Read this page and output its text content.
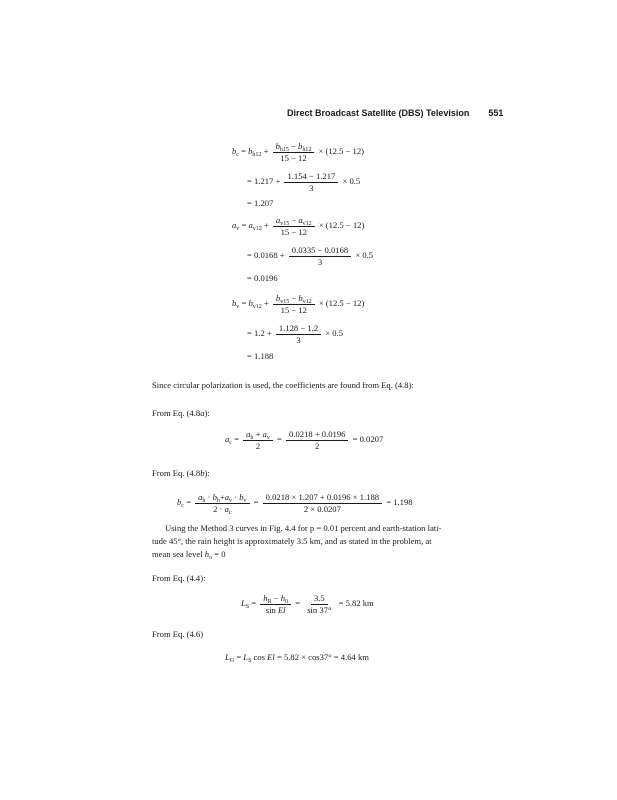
Direct Broadcast Satellite (DBS) Television 551
$b_c = b_{h12} + \frac{b_{h15} - b_{h12}}{15 - 12} \times (12.5 - 12)$
= $1.217 + \frac{1.154 - 1.217}{3} \times 0.5$
= 1.207
$a_v = a_{v12} + \frac{a_{v15} - a_{v12}}{15 - 12} \times (12.5 - 12)$
= $0.0168 + \frac{0.0335 - 0.0168}{3} \times 0.5$
= 0.0196
$b_v = b_{v12} + \frac{b_{v15} - b_{v12}}{15 - 12} \times (12.5 - 12)$
= $1.2 + \frac{1.128 - 1.2}{3} \times 0.5$
= 1.188
Since circular polarization is used, the coefficients are found from Eq. (4.8):
From Eq. (4.8a):
$a_c = \frac{a_h + a_v}{2} = \frac{0.0218 + 0.0196}{2} = 0.0207$
From Eq. (4.8b):
$b_c = \frac{a_h \cdot b_h+a_v \cdot b_v}{2 \cdot a_c} = \frac{0.0218 \times 1.207 + 0.0196 \times 1.188}{2 \times 0.0207} = 1.198$
Using the Method 3 curves in Fig. 4.4 for p = 0.01 percent and earth-station lati-
tude 45°, the rain height is approximately 3.5 km, and as stated in the problem, at
mean sea level $h_o = 0$
From Eq. (4.4):
$L_S = \frac{h_R - h_0}{\text{sin El}} = \frac{3.5}{\sin 37^\circ} = 5.82$ km
From Eq. (4.6)
$L_G = L_S$ cos El = 5.82 × cos37° = 4.64 km
